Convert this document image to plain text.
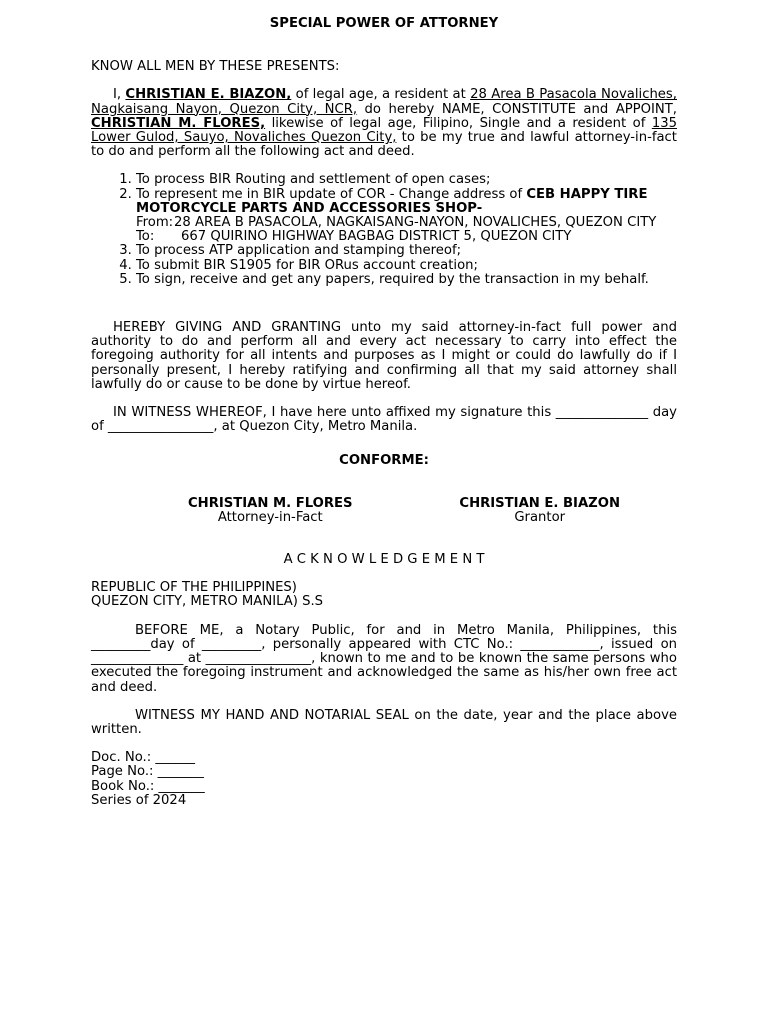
SPECIAL POWER OF ATTORNEY

KNOW ALL MEN BY THESE PRESENTS:

I, CHRISTIAN E. BIAZON, of legal age, a resident at 28 Area B Pasacola Novaliches, Nagkaisang Nayon, Quezon City, NCR, do hereby NAME, CONSTITUTE and APPOINT, CHRISTIAN M. FLORES, likewise of legal age, Filipino, Single and a resident of 135 Lower Gulod, Sauyo, Novaliches Quezon City, to be my true and lawful attorney-in-fact to do and perform all the following act and deed.

1. To process BIR Routing and settlement of open cases;
2. To represent me in BIR update of COR - Change address of CEB HAPPY TIRE MOTORCYCLE PARTS AND ACCESSORIES SHOP-
From: 28 AREA B PASACOLA, NAGKAISANG-NAYON, NOVALICHES, QUEZON CITY
To:	667 QUIRINO HIGHWAY BAGBAG DISTRICT 5, QUEZON CITY
3. To process ATP application and stamping thereof;
4. To submit BIR S1905 for BIR ORus account creation;
5. To sign, receive and get any papers, required by the transaction in my behalf.

HEREBY GIVING AND GRANTING unto my said attorney-in-fact full power and authority to do and perform all and every act necessary to carry into effect the foregoing authority for all intents and purposes as I might or could do lawfully do if I personally present, I hereby ratifying and confirming all that my said attorney shall lawfully do or cause to be done by virtue hereof.

IN WITNESS WHEREOF, I have here unto affixed my signature this ______________ day of ________________, at Quezon City, Metro Manila.

CONFORME:

CHRISTIAN M. FLORES
Attorney-in-Fact
CHRISTIAN E. BIAZON
Grantor

A C K N O W L E D G E M E N T

REPUBLIC OF THE PHILIPPINES)

QUEZON CITY, METRO MANILA) S.S

BEFORE ME, a Notary Public, for and in Metro Manila, Philippines, this _________day of _________, personally appeared with CTC No.: ____________, issued on ______________ at ________________, known to me and to be known the same persons who executed the foregoing instrument and acknowledged the same as his/her own free act and deed.

WITNESS MY HAND AND NOTARIAL SEAL on the date, year and the place above written.

Doc. No.: ______

Page No.: _______

Book No.: _______

Series of 2024
